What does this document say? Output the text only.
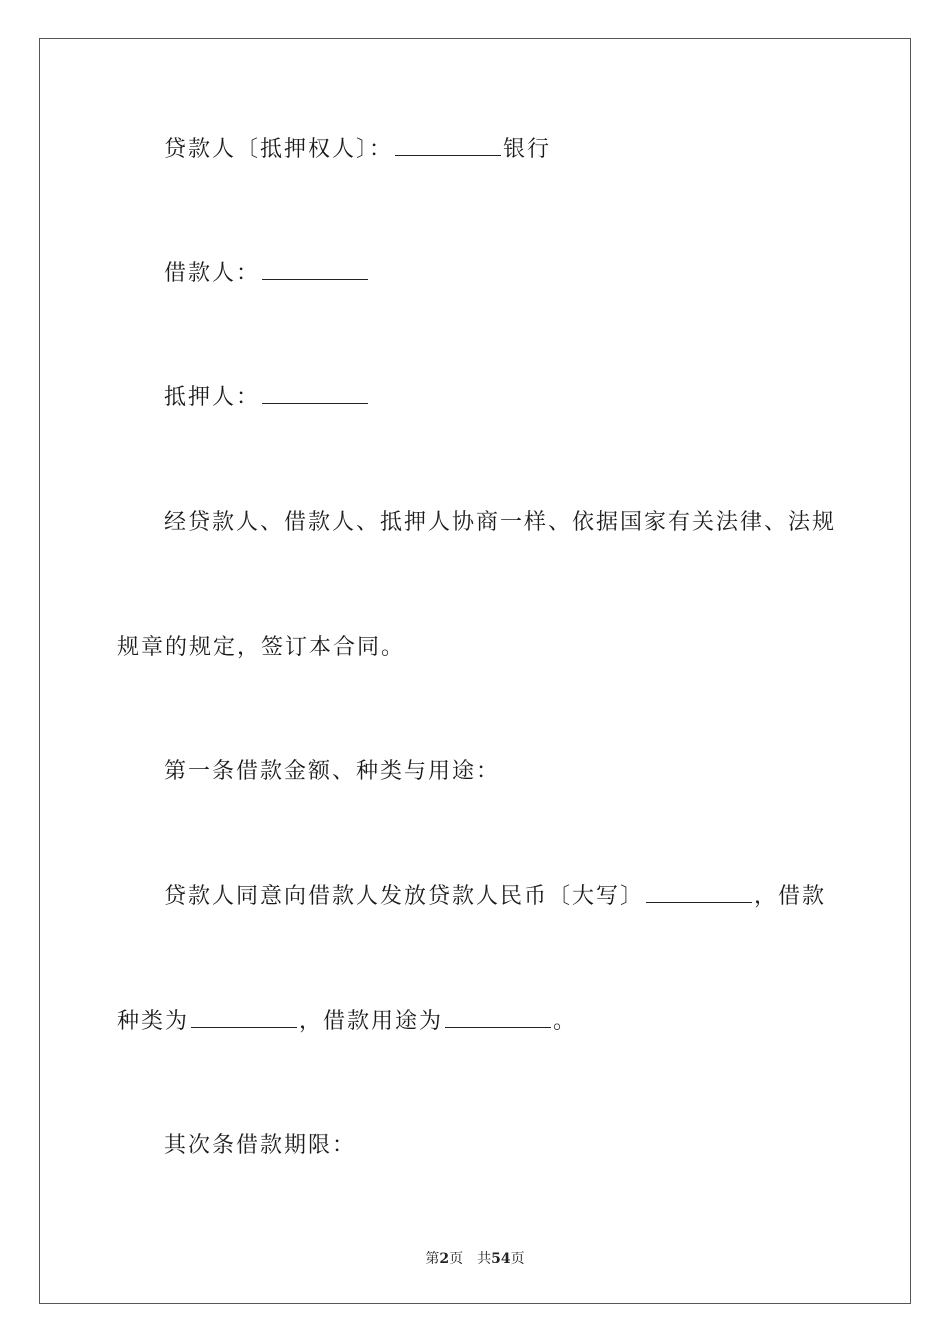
贷款人〔抵押权人〕：	银行
借款人：
抵押人：
经贷款人、借款人、抵押人协商一样、依据国家有关法律、法规
规章的规定，签订本合同。
第一条借款金额、种类与用途：
贷款人同意向借款人发放贷款人民币〔大写〕	，借款
种类为	，借款用途为	。
其次条借款期限：
第2页 共54页
